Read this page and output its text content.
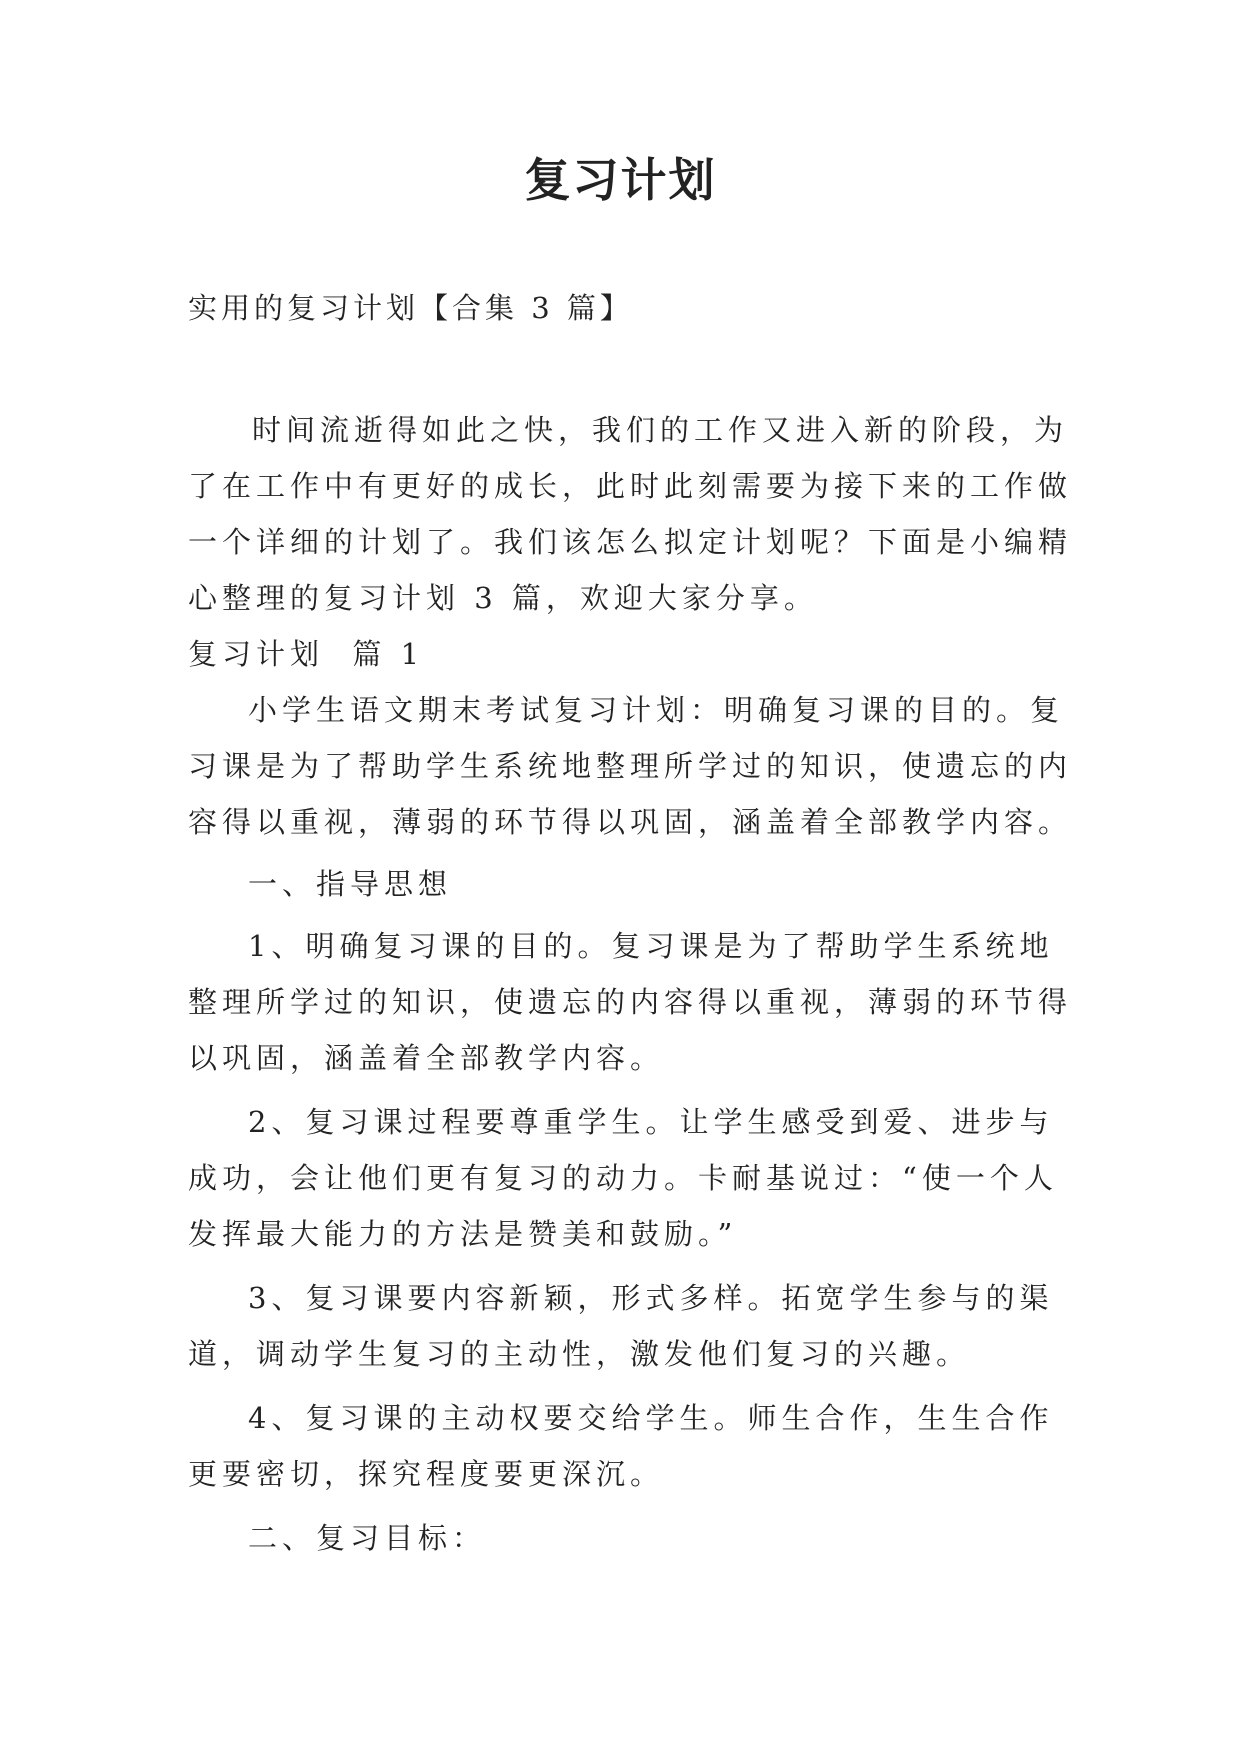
复习计划
实用的复习计划【合集 3 篇】
时间流逝得如此之快，我们的工作又进入新的阶段，为
了在工作中有更好的成长，此时此刻需要为接下来的工作做
一个详细的计划了。我们该怎么拟定计划呢？下面是小编精
心整理的复习计划 3 篇，欢迎大家分享。
复习计划  篇 1
小学生语文期末考试复习计划：明确复习课的目的。复
习课是为了帮助学生系统地整理所学过的知识，使遗忘的内
容得以重视，薄弱的环节得以巩固，涵盖着全部教学内容。
一、指导思想
1、明确复习课的目的。复习课是为了帮助学生系统地
整理所学过的知识，使遗忘的内容得以重视，薄弱的环节得
以巩固，涵盖着全部教学内容。
2、复习课过程要尊重学生。让学生感受到爱、进步与
成功，会让他们更有复习的动力。卡耐基说过：“使一个人
发挥最大能力的方法是赞美和鼓励。”
3、复习课要内容新颖，形式多样。拓宽学生参与的渠
道，调动学生复习的主动性，激发他们复习的兴趣。
4、复习课的主动权要交给学生。师生合作，生生合作
更要密切，探究程度要更深沉。
二、复习目标：
